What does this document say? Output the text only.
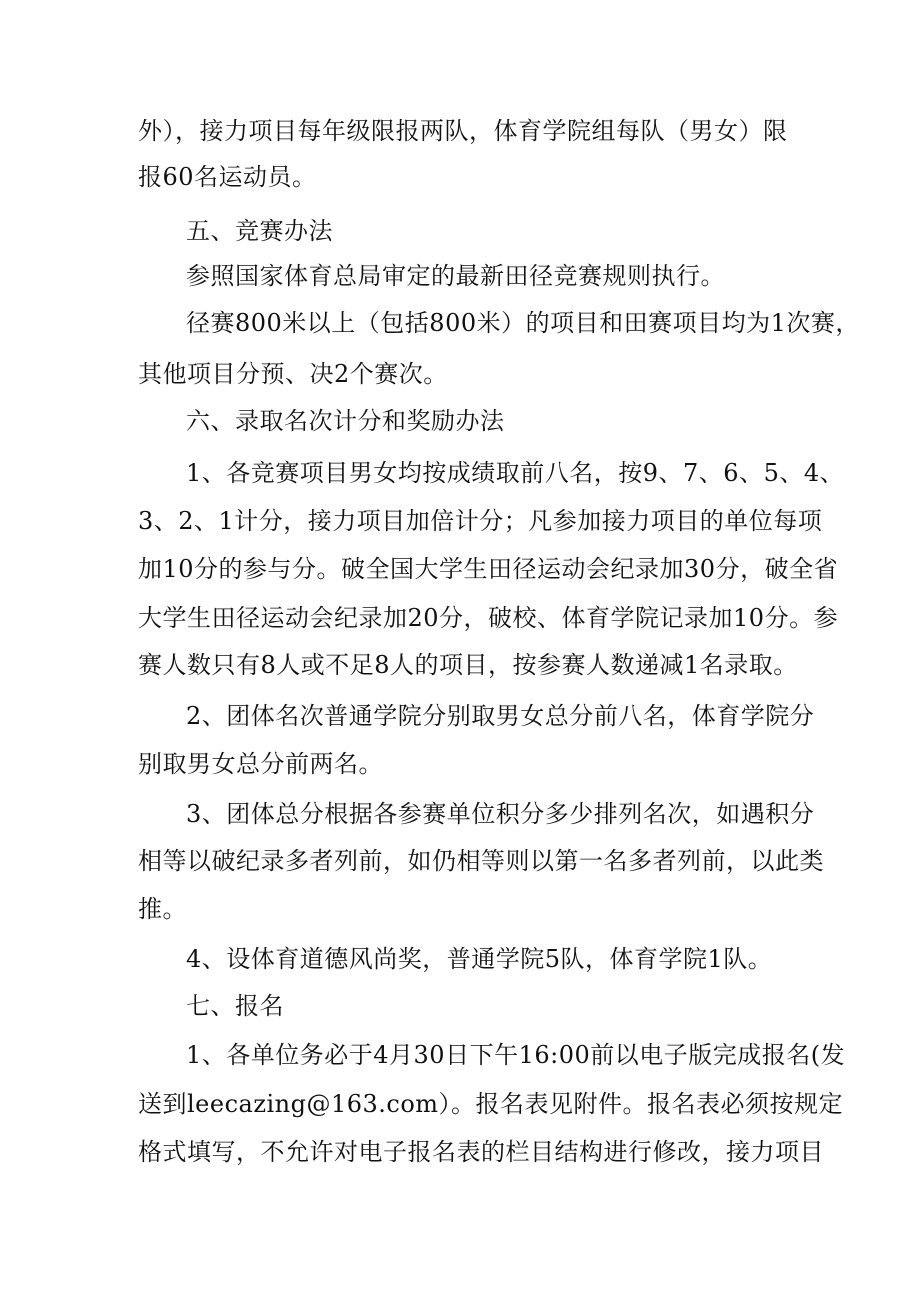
外），接力项目每年级限报两队，体育学院组每队（男女）限
报60名运动员。
五、竞赛办法
参照国家体育总局审定的最新田径竞赛规则执行。
径赛800米以上（包括800米）的项目和田赛项目均为1次赛，
其他项目分预、决2个赛次。
六、录取名次计分和奖励办法
1、各竞赛项目男女均按成绩取前八名，按9、7、6、5、4、
3、2、1计分，接力项目加倍计分；凡参加接力项目的单位每项
加10分的参与分。破全国大学生田径运动会纪录加30分，破全省
大学生田径运动会纪录加20分，破校、体育学院记录加10分。参
赛人数只有8人或不足8人的项目，按参赛人数递减1名录取。
2、团体名次普通学院分别取男女总分前八名，体育学院分
别取男女总分前两名。
3、团体总分根据各参赛单位积分多少排列名次，如遇积分
相等以破纪录多者列前，如仍相等则以第一名多者列前，以此类
推。
4、设体育道德风尚奖，普通学院5队，体育学院1队。
七、报名
1、各单位务必于4月30日下午16:00前以电子版完成报名(发
送到leecazing@163.com）。报名表见附件。报名表必须按规定
格式填写，不允许对电子报名表的栏目结构进行修改，接力项目
